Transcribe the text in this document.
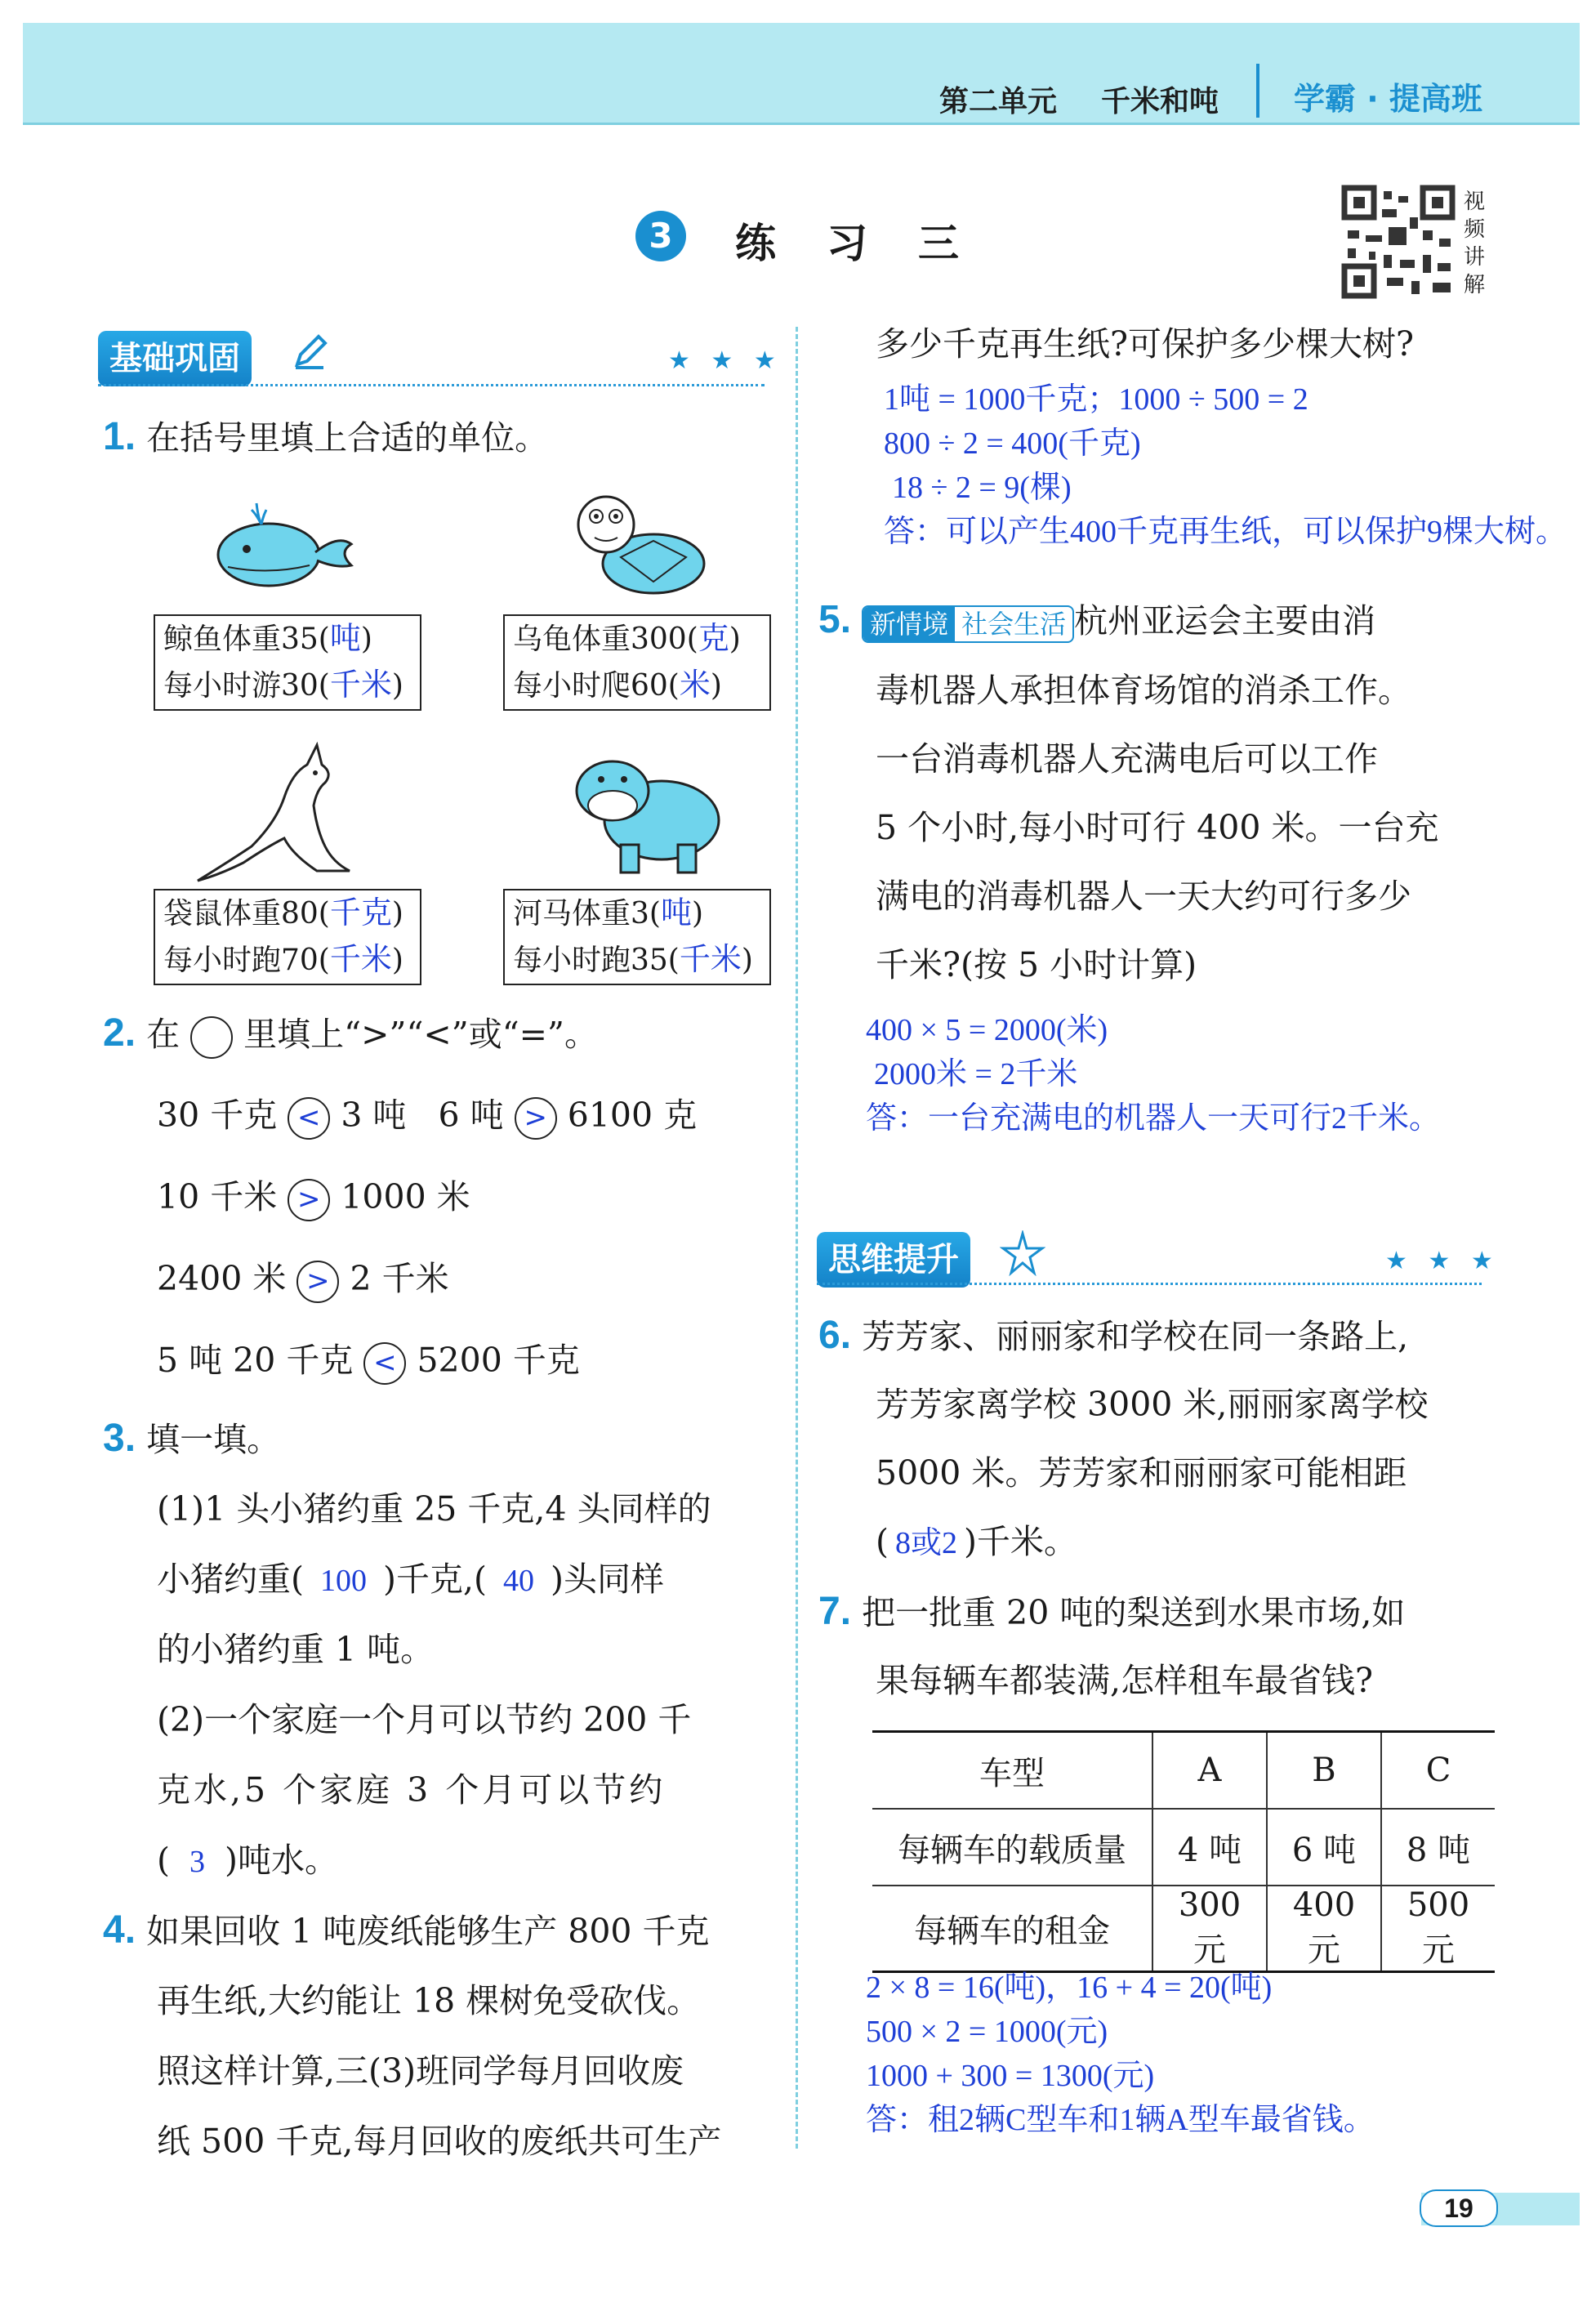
第二单元 千米和吨 学霸 · 提高班
3	练　习　三
视
频
讲
解
基础巩固	★ ★ ★
1. 在括号里填上合适的单位。
鲸鱼体重35(吨)
每小时游30(千米)
乌龟体重300(克)
每小时爬60(米)
袋鼠体重80(千克)
每小时跑70(千米)
河马体重3(吨)
每小时跑35(千米)
2. 在 里填上“>”“<”或“=”。
30 千克 < 3 吨 6 吨 > 6100 克
10 千米 > 1000 米
2400 米 > 2 千米
5 吨 20 千克 < 5200 千克
3. 填一填。
(1)1 头小猪约重 25 千克,4 头同样的
小猪约重( 100 )千克,( 40 )头同样
的小猪约重 1 吨。
(2)一个家庭一个月可以节约 200 千
克水,5 个家庭 3 个月可以节约
( 3 )吨水。
4. 如果回收 1 吨废纸能够生产 800 千克
再生纸,大约能让 18 棵树免受砍伐。
照这样计算,三(3)班同学每月回收废
纸 500 千克,每月回收的废纸共可生产
多少千克再生纸?可保护多少棵大树?
1吨 = 1000千克；1000 ÷ 500 = 2
800 ÷ 2 = 400(千克)
18 ÷ 2 = 9(棵)
答：可以产生400千克再生纸，可以保护9棵大树。
5. 新情境 社会生活 杭州亚运会主要由消
毒机器人承担体育场馆的消杀工作。
一台消毒机器人充满电后可以工作
5 个小时,每小时可行 400 米。一台充
满电的消毒机器人一天大约可行多少
千米?(按 5 小时计算)
400 × 5 = 2000(米)
2000米 = 2千米
答：一台充满电的机器人一天可行2千米。
思维提升	★ ★ ★
6. 芳芳家、丽丽家和学校在同一条路上,
芳芳家离学校 3000 米,丽丽家离学校
5000 米。芳芳家和丽丽家可能相距
( 8或2 )千米。
7. 把一批重 20 吨的梨送到水果市场,如
果每辆车都装满,怎样租车最省钱?
车型	A	B	C
每辆车的载质量	4 吨	6 吨	8 吨
每辆车的租金	300 元	400 元	500 元
2 × 8 = 16(吨)，16 + 4 = 20(吨)
500 × 2 = 1000(元)
1000 + 300 = 1300(元)
答：租2辆C型车和1辆A型车最省钱。
19
